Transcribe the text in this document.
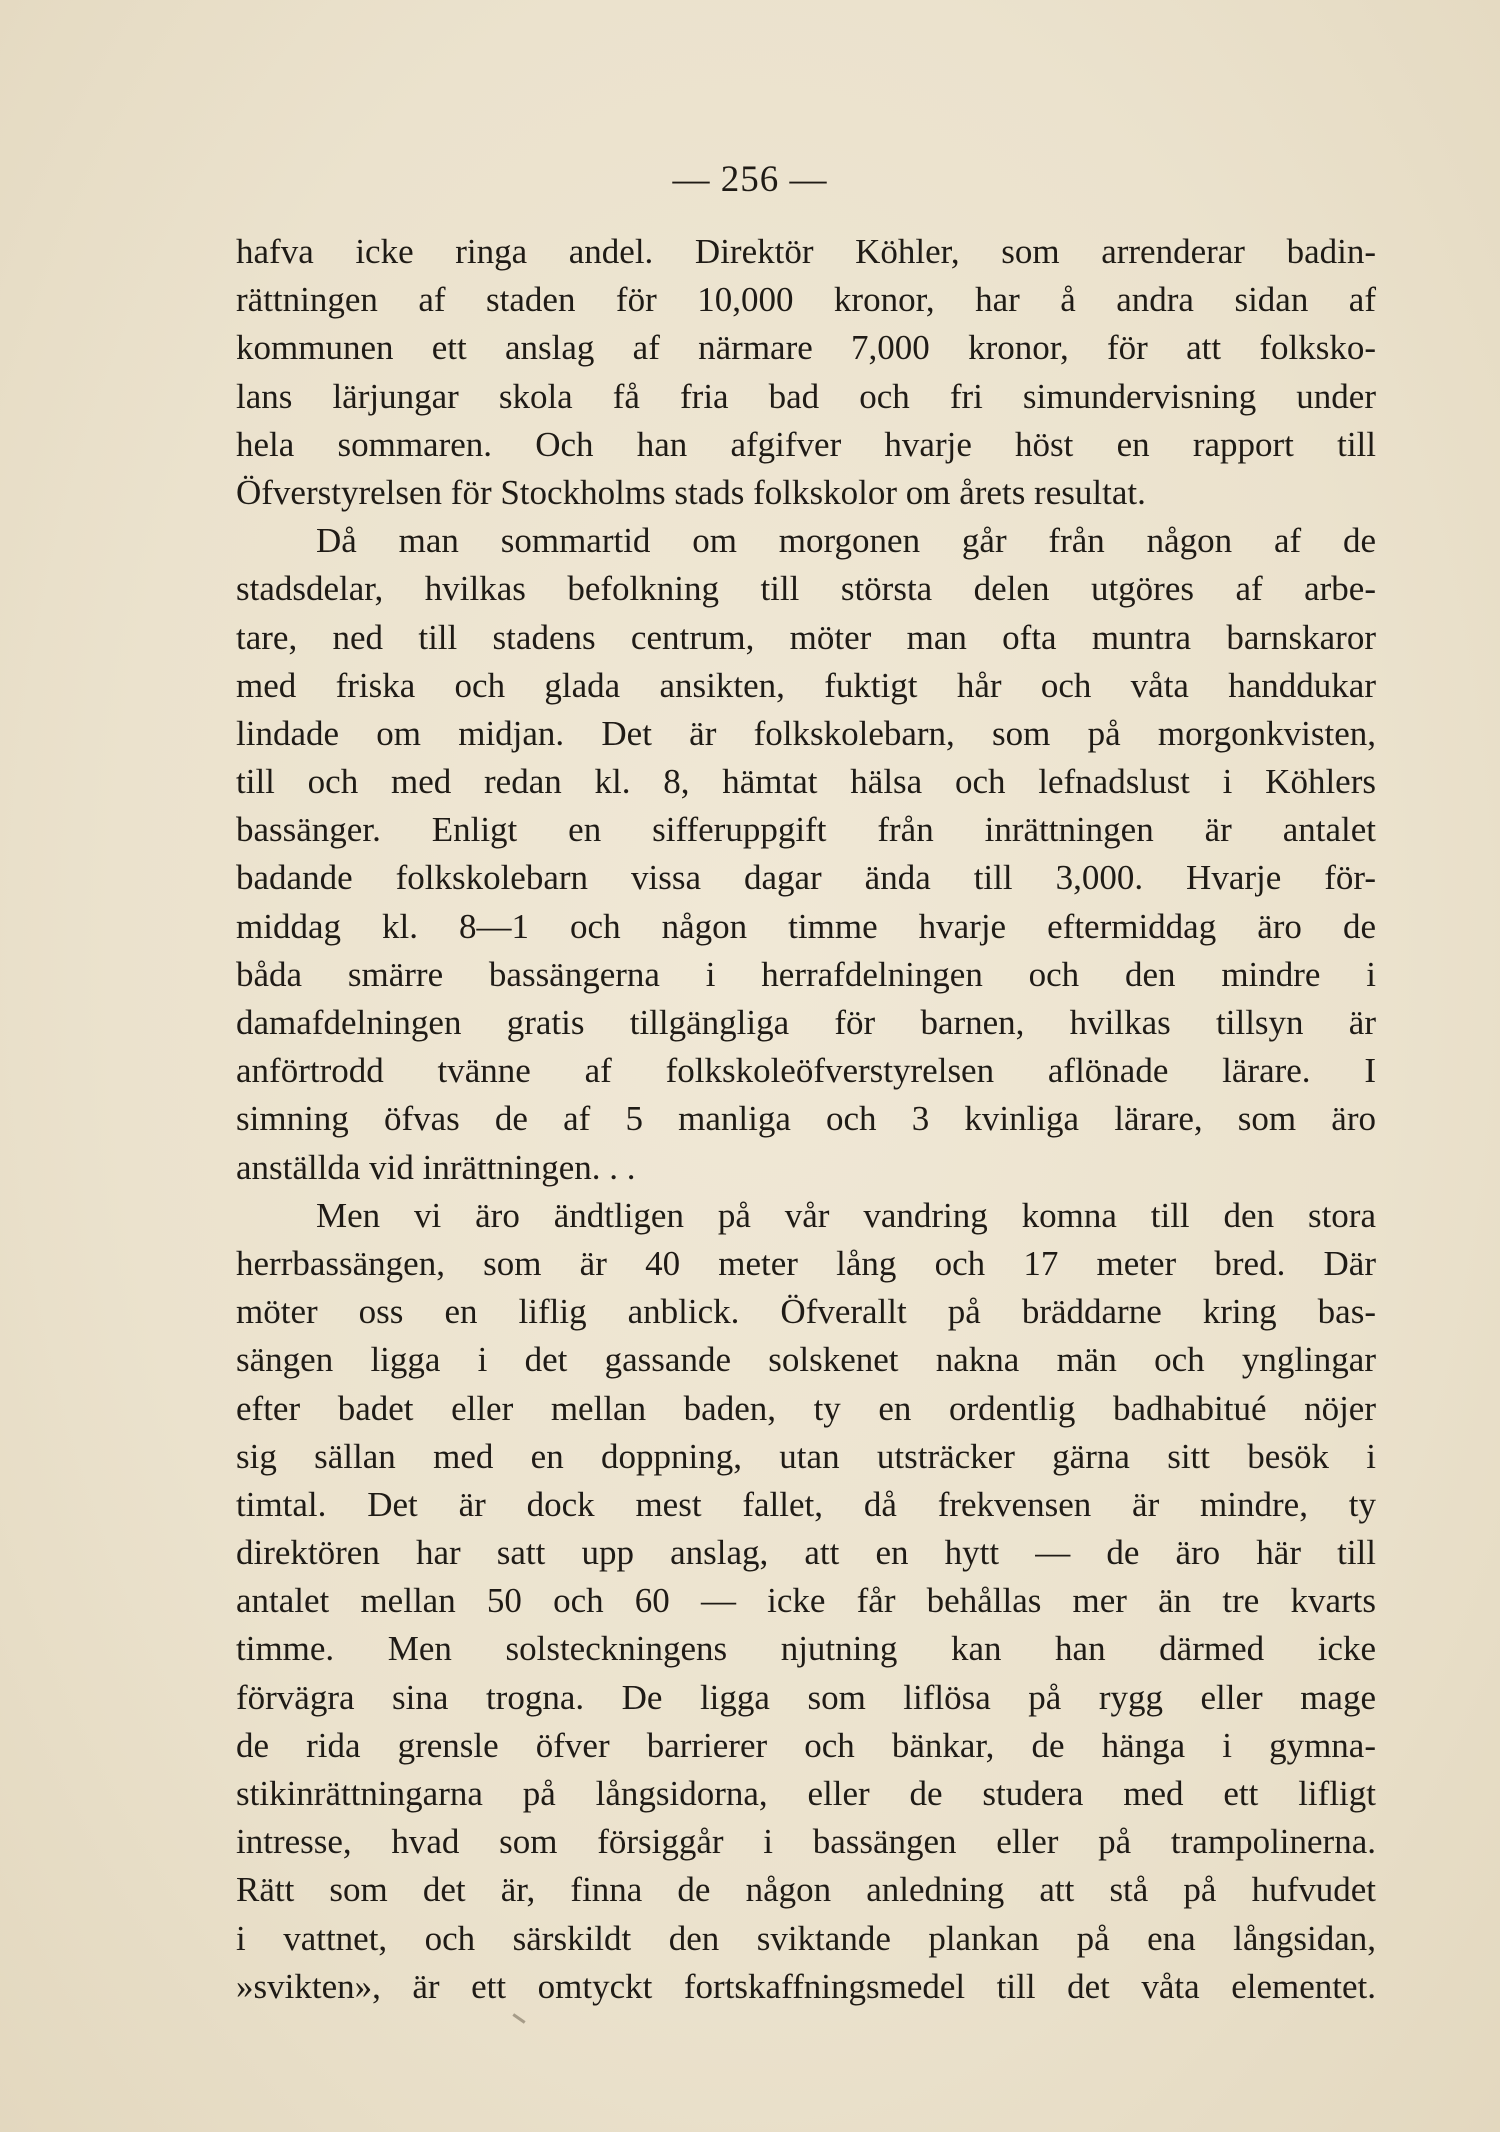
— 256 —
hafva icke ringa andel. Direktör Köhler, som arrenderar badin-
rättningen af staden för 10,000 kronor, har å andra sidan af
kommunen ett anslag af närmare 7,000 kronor, för att folksko-
lans lärjungar skola få fria bad och fri simundervisning under
hela sommaren. Och han afgifver hvarje höst en rapport till
Öfverstyrelsen för Stockholms stads folkskolor om årets resultat.
Då man sommartid om morgonen går från någon af de
stadsdelar, hvilkas befolkning till största delen utgöres af arbe-
tare, ned till stadens centrum, möter man ofta muntra barnskaror
med friska och glada ansikten, fuktigt hår och våta handdukar
lindade om midjan. Det är folkskolebarn, som på morgonkvisten,
till och med redan kl. 8, hämtat hälsa och lefnadslust i Köhlers
bassänger. Enligt en sifferuppgift från inrättningen är antalet
badande folkskolebarn vissa dagar ända till 3,000. Hvarje för-
middag kl. 8—1 och någon timme hvarje eftermiddag äro de
båda smärre bassängerna i herrafdelningen och den mindre i
damafdelningen gratis tillgängliga för barnen, hvilkas tillsyn är
anförtrodd tvänne af folkskoleöfverstyrelsen aflönade lärare. I
simning öfvas de af 5 manliga och 3 kvinliga lärare, som äro
anställda vid inrättningen. . .
Men vi äro ändtligen på vår vandring komna till den stora
herrbassängen, som är 40 meter lång och 17 meter bred. Där
möter oss en liflig anblick. Öfverallt på bräddarne kring bas-
sängen ligga i det gassande solskenet nakna män och ynglingar
efter badet eller mellan baden, ty en ordentlig badhabitué nöjer
sig sällan med en doppning, utan utsträcker gärna sitt besök i
timtal. Det är dock mest fallet, då frekvensen är mindre, ty
direktören har satt upp anslag, att en hytt — de äro här till
antalet mellan 50 och 60 — icke får behållas mer än tre kvarts
timme. Men solsteckningens njutning kan han därmed icke
förvägra sina trogna. De ligga som liflösa på rygg eller mage
de rida grensle öfver barrierer och bänkar, de hänga i gymna-
stikinrättningarna på långsidorna, eller de studera med ett lifligt
intresse, hvad som försiggår i bassängen eller på trampolinerna.
Rätt som det är, finna de någon anledning att stå på hufvudet
i vattnet, och särskildt den sviktande plankan på ena långsidan,
»svikten», är ett omtyckt fortskaffningsmedel till det våta elementet.
